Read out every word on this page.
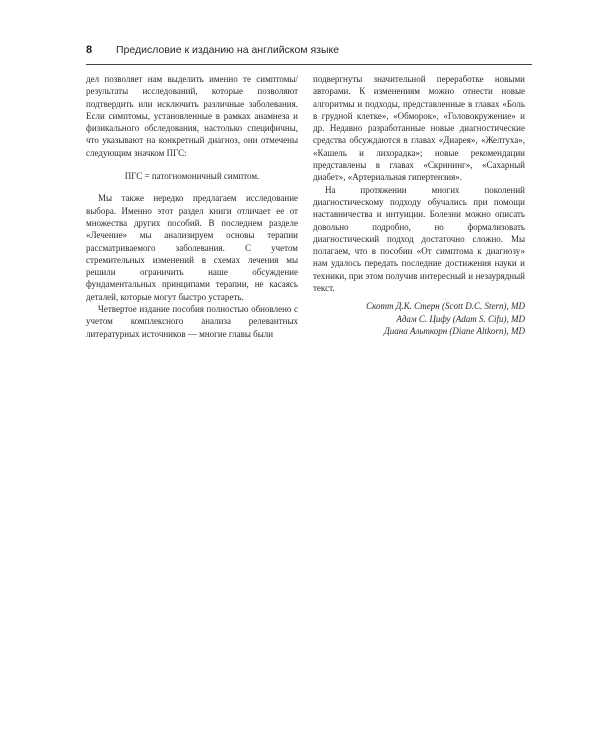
8	Предисловие к изданию на английском языке

дел позволяет нам выделить именно те симптомы/результаты исследований, которые позволяют подтвердить или исключить различные заболевания. Если симптомы, установленные в рамках анамнеза и физикального обследования, настолько специфичны, что указывают на конкретный диагноз, они отмечены следующим значком ПГС:

ПГС = патогномоничный симптом.

Мы также нередко предлагаем исследование выбора. Именно этот раздел книги отличает ее от множества других пособий. В последнем разделе «Лечение» мы анализируем основы терапии рассматриваемого заболевания. С учетом стремительных изменений в схемах лечения мы решили ограничить наше обсуждение фундаментальных принципами терапии, не касаясь деталей, которые могут быстро устареть.

Четвертое издание пособия полностью обновлено с учетом комплексного анализа релевантных литературных источников — многие главы были

подвергнуты значительной переработке новыми авторами. К изменениям можно отнести новые алгоритмы и подходы, представленные в главах «Боль в грудной клетке», «Обморок», «Головокружение» и др. Недавно разработанные новые диагностические средства обсуждаются в главах «Диарея», «Желтуха», «Кашель и лихорадка»; новые рекомендации представлены в главах «Скрининг», «Сахарный диабет», «Артериальная гипертензия».

На протяжении многих поколений диагностическому подходу обучались при помощи наставничества и интуиции. Болезни можно описать довольно подробно, но формализовать диагностический подход достаточно сложно. Мы полагаем, что в пособии «От симптома к диагнозу» нам удалось передать последние достижения науки и техники, при этом получив интересный и незаурядный текст.

Скотт Д.К. Стерн (Scott D.C. Stern), MD
Адам С. Цифу (Adam S. Cifu), MD
Диана Альткорн (Diane Altkorn), MD
